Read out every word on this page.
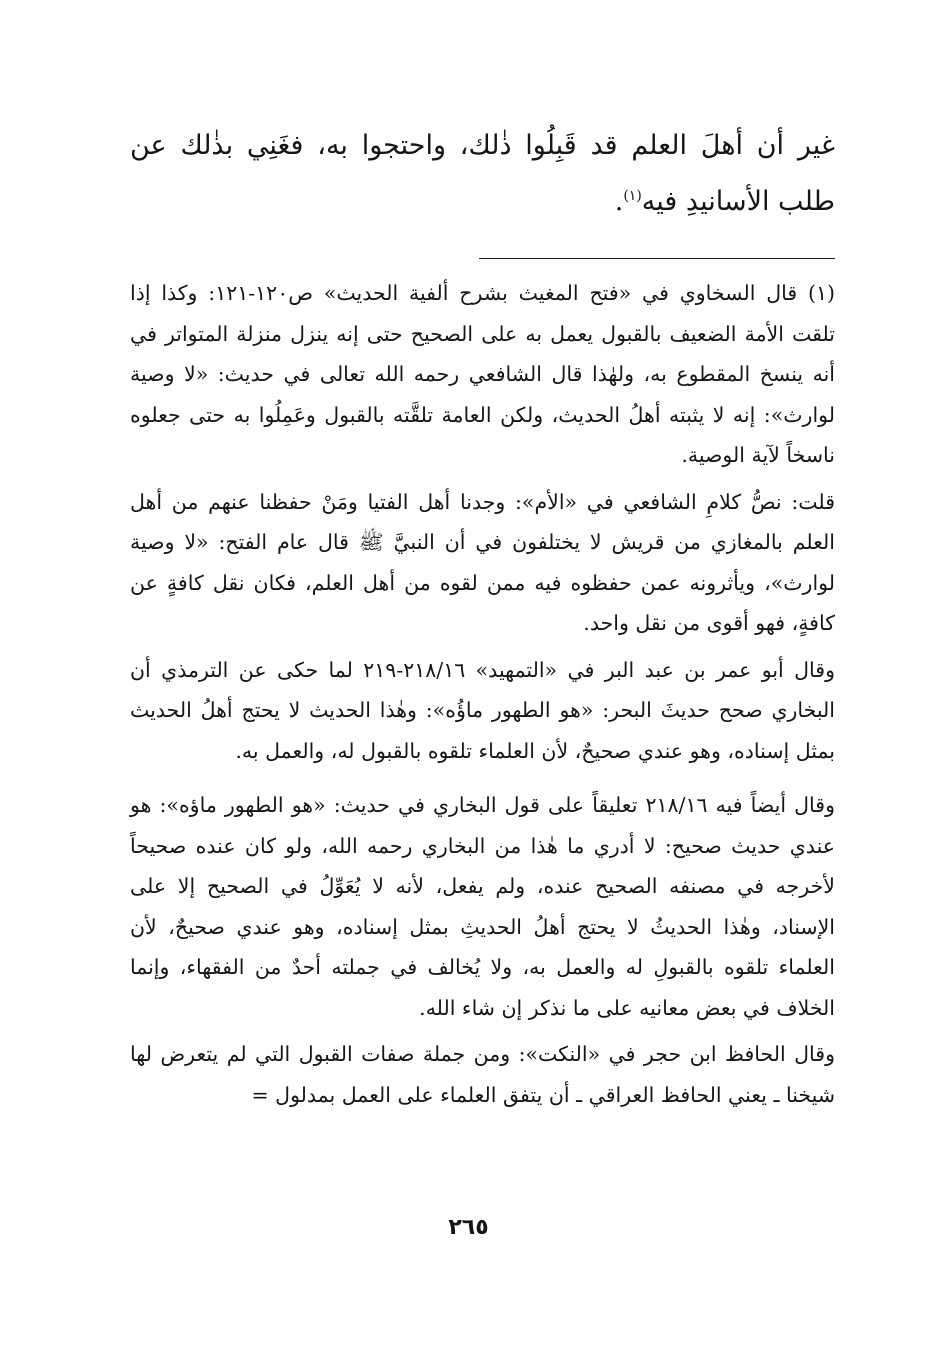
غير أن أهلَ العلم قد قَبِلُوا ذٰلك، واحتجوا به، فغَنِي بذٰلك عن طلب الأسانيدِ فيه$^{(١)}$.

(١) قال السخاوي في «فتح المغيث بشرح ألفية الحديث» ص١٢٠-١٢١: وكذا إذا تلقت الأمة الضعيف بالقبول يعمل به على الصحيح حتى إنه ينزل منزلة المتواتر في أنه ينسخ المقطوع به، ولهٰذا قال الشافعي رحمه الله تعالى في حديث: «لا وصية لوارث»: إنه لا يثبته أهلُ الحديث، ولكن العامة تلقَّته بالقبول وعَمِلُوا به حتى جعلوه ناسخاً لآية الوصية.

قلت: نصُّ كلامِ الشافعي في «الأم»: وجدنا أهل الفتيا ومَنْ حفظنا عنهم من أهل العلم بالمغازي من قريش لا يختلفون في أن النبيَّ ﷺ قال عام الفتح: «لا وصية لوارث»، ويأثرونه عمن حفظوه فيه ممن لقوه من أهل العلم، فكان نقل كافةٍ عن كافةٍ، فهو أقوى من نقل واحد.

وقال أبو عمر بن عبد البر في «التمهيد» ٢١٨/١٦-٢١٩ لما حكى عن الترمذي أن البخاري صحح حديثَ البحر: «هو الطهور ماؤُه»: وهٰذا الحديث لا يحتج أهلُ الحديث بمثل إسناده، وهو عندي صحيحٌ، لأن العلماء تلقوه بالقبول له، والعمل به.

وقال أيضاً فيه ٢١٨/١٦ تعليقاً على قول البخاري في حديث: «هو الطهور ماؤه»: هو عندي حديث صحيح: لا أدري ما هٰذا من البخاري رحمه الله، ولو كان عنده صحيحاً لأخرجه في مصنفه الصحيح عنده، ولم يفعل، لأنه لا يُعَوِّلُ في الصحيح إلا على الإسناد، وهٰذا الحديثُ لا يحتج أهلُ الحديثِ بمثل إسناده، وهو عندي صحيحٌ، لأن العلماء تلقوه بالقبولِ له والعمل به، ولا يُخالف في جملته أحدٌ من الفقهاء، وإنما الخلاف في بعض معانيه على ما نذكر إن شاء الله.

وقال الحافظ ابن حجر في «النكت»: ومن جملة صفات القبول التي لم يتعرض لها شيخنا ـ يعني الحافظ العراقي ـ أن يتفق العلماء على العمل بمدلول =

٢٦٥
